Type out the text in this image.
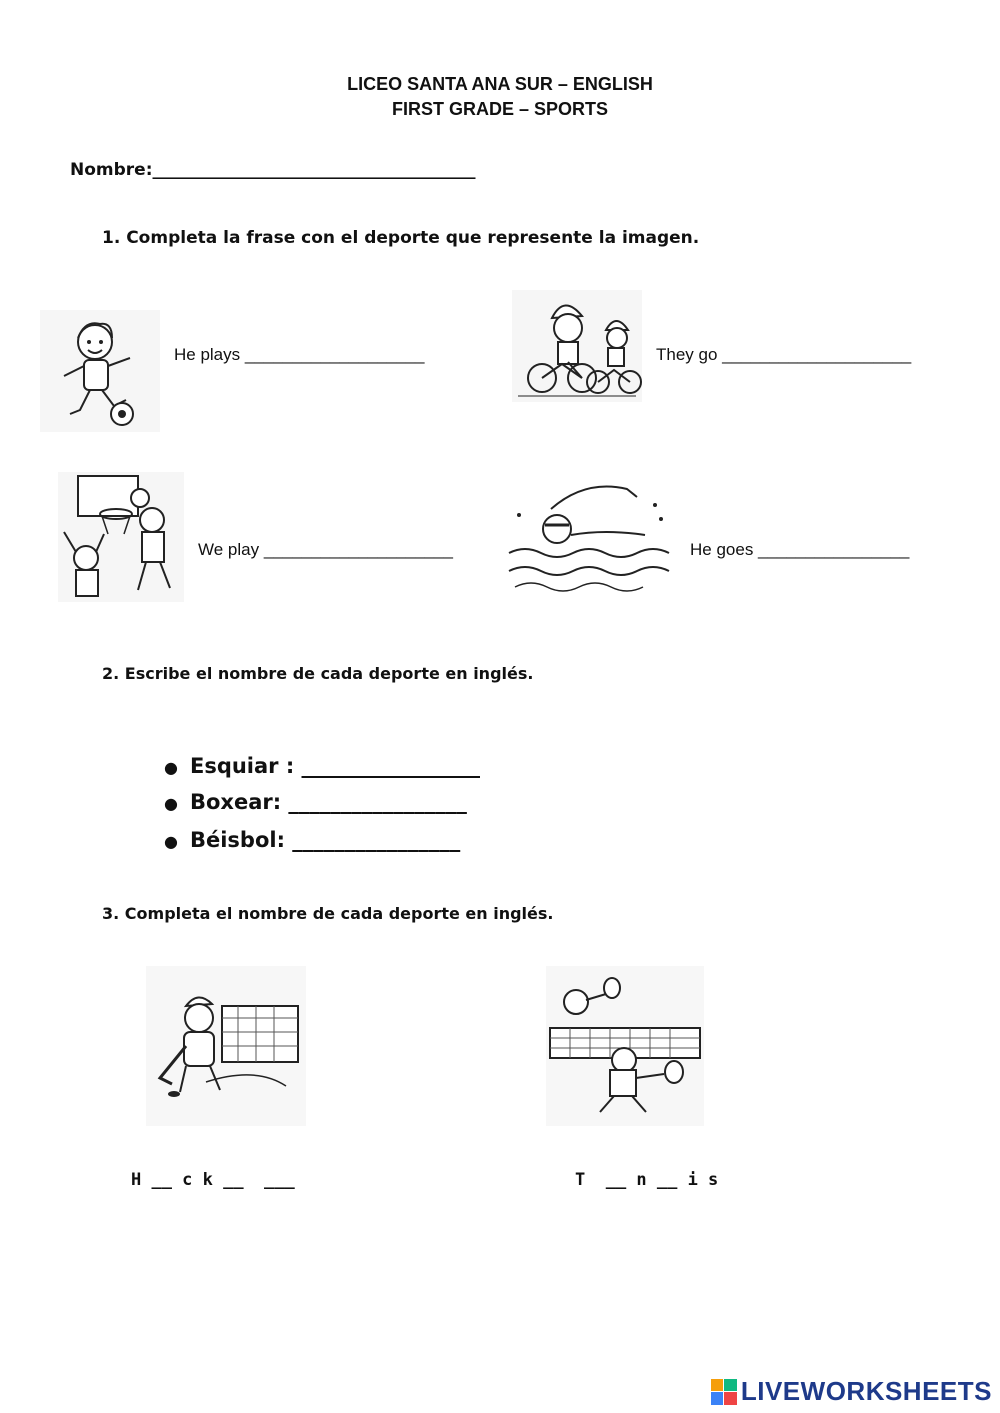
LICEO SANTA ANA SUR – ENGLISH
FIRST GRADE – SPORTS
Nombre:______________________________________
1. Completa la frase con el deporte que represente la imagen.
He plays ___________________	They go ____________________
We play ____________________	He goes ________________
2. Escribe el nombre de cada deporte en inglés.
● Esquiar : _________________
● Boxear: _________________
● Béisbol: ________________
3. Completa el nombre de cada deporte en inglés.
H __ c k __  ___	T  __ n __ i s
LIVEWORKSHEETS
